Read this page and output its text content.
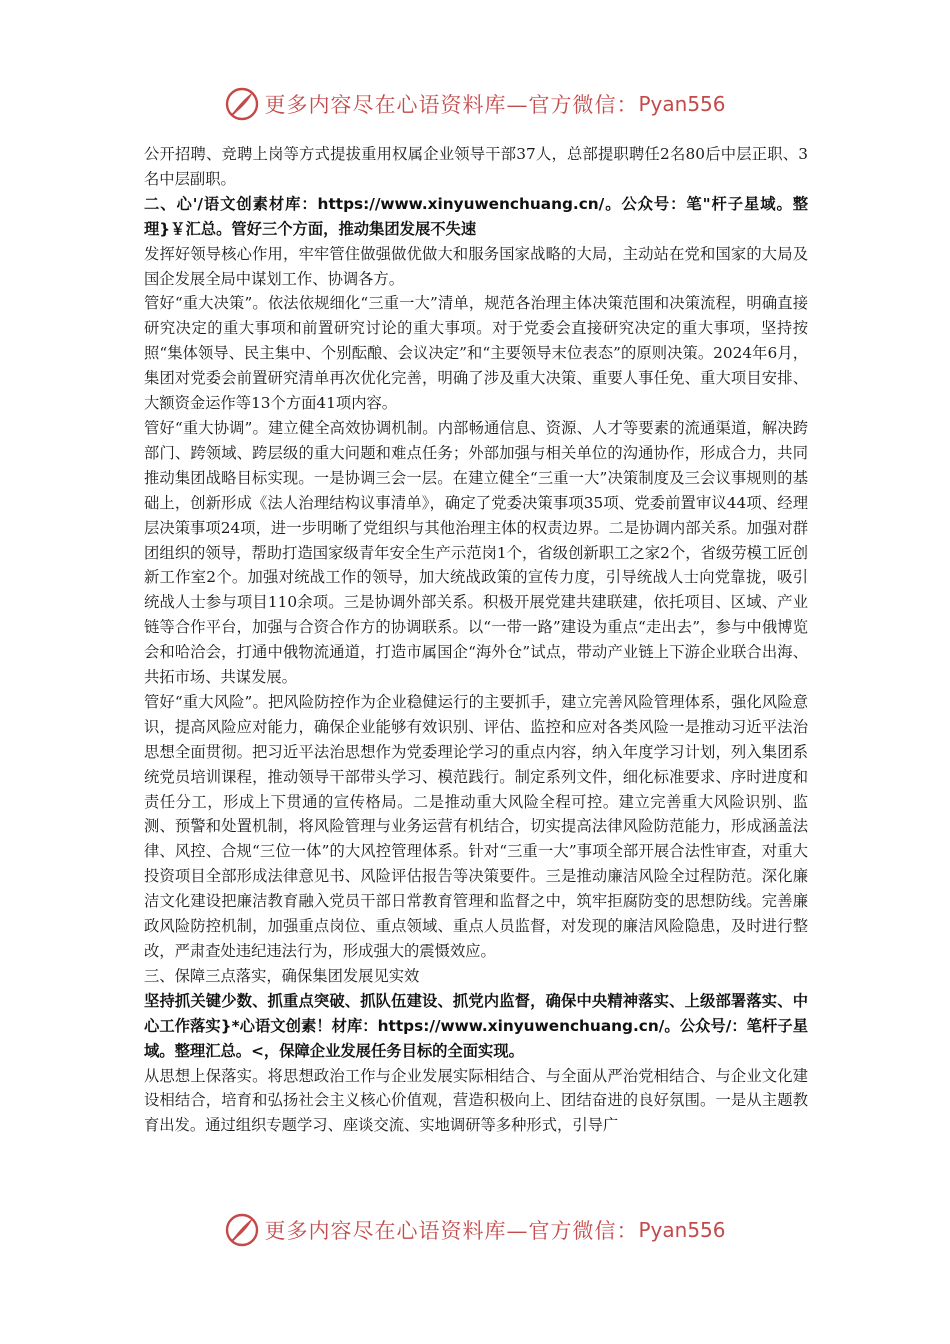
更多内容尽在心语资料库—官方微信： Pyan556

公开招聘、竞聘上岗等方式提拔重用权属企业领导干部37人，总部提职聘任2名80后中层正职、3名中层副职。

二、心'/语文创素材库：https://www.xinyuwenchuang.cn/。公众号：笔"杆子星域。整理}￥汇总。管好三个方面，推动集团发展不失速

发挥好领导核心作用，牢牢管住做强做优做大和服务国家战略的大局，主动站在党和国家的大局及国企发展全局中谋划工作、协调各方。

管好“重大决策”。依法依规细化“三重一大”清单，规范各治理主体决策范围和决策流程，明确直接研究决定的重大事项和前置研究讨论的重大事项。对于党委会直接研究决定的重大事项，坚持按照“集体领导、民主集中、个别酝酿、会议决定”和“主要领导末位表态”的原则决策。2024年6月，集团对党委会前置研究清单再次优化完善，明确了涉及重大决策、重要人事任免、重大项目安排、大额资金运作等13个方面41项内容。

管好“重大协调”。建立健全高效协调机制。内部畅通信息、资源、人才等要素的流通渠道，解决跨部门、跨领域、跨层级的重大问题和难点任务；外部加强与相关单位的沟通协作，形成合力，共同推动集团战略目标实现。一是协调三会一层。在建立健全“三重一大”决策制度及三会议事规则的基础上，创新形成《法人治理结构议事清单》，确定了党委决策事项35项、党委前置审议44项、经理层决策事项24项，进一步明晰了党组织与其他治理主体的权责边界。二是协调内部关系。加强对群团组织的领导，帮助打造国家级青年安全生产示范岗1个，省级创新职工之家2个，省级劳模工匠创新工作室2个。加强对统战工作的领导，加大统战政策的宣传力度，引导统战人士向党靠拢，吸引统战人士参与项目110余项。三是协调外部关系。积极开展党建共建联建，依托项目、区域、产业链等合作平台，加强与合资合作方的协调联系。以“一带一路”建设为重点“走出去”，参与中俄博览会和哈洽会，打通中俄物流通道，打造市属国企“海外仓”试点，带动产业链上下游企业联合出海、共拓市场、共谋发展。

管好“重大风险”。把风险防控作为企业稳健运行的主要抓手，建立完善风险管理体系，强化风险意识，提高风险应对能力，确保企业能够有效识别、评估、监控和应对各类风险一是推动习近平法治思想全面贯彻。把习近平法治思想作为党委理论学习的重点内容，纳入年度学习计划，列入集团系统党员培训课程，推动领导干部带头学习、模范践行。制定系列文件，细化标准要求、序时进度和责任分工，形成上下贯通的宣传格局。二是推动重大风险全程可控。建立完善重大风险识别、监测、预警和处置机制，将风险管理与业务运营有机结合，切实提高法律风险防范能力，形成涵盖法律、风控、合规“三位一体”的大风控管理体系。针对“三重一大”事项全部开展合法性审查，对重大投资项目全部形成法律意见书、风险评估报告等决策要件。三是推动廉洁风险全过程防范。深化廉洁文化建设把廉洁教育融入党员干部日常教育管理和监督之中，筑牢拒腐防变的思想防线。完善廉政风险防控机制，加强重点岗位、重点领域、重点人员监督，对发现的廉洁风险隐患，及时进行整改，严肃查处违纪违法行为，形成强大的震慑效应。

三、保障三点落实，确保集团发展见实效

坚持抓关键少数、抓重点突破、抓队伍建设、抓党内监督，确保中央精神落实、上级部署落实、中心工作落实}*心语文创素！材库：https://www.xinyuwenchuang.cn/。公众号/：笔杆子星域。整理汇总。<，保障企业发展任务目标的全面实现。

从思想上保落实。将思想政治工作与企业发展实际相结合、与全面从严治党相结合、与企业文化建设相结合，培育和弘扬社会主义核心价值观，营造积极向上、团结奋进的良好氛围。一是从主题教育出发。通过组织专题学习、座谈交流、实地调研等多种形式，引导广

更多内容尽在心语资料库—官方微信： Pyan556
